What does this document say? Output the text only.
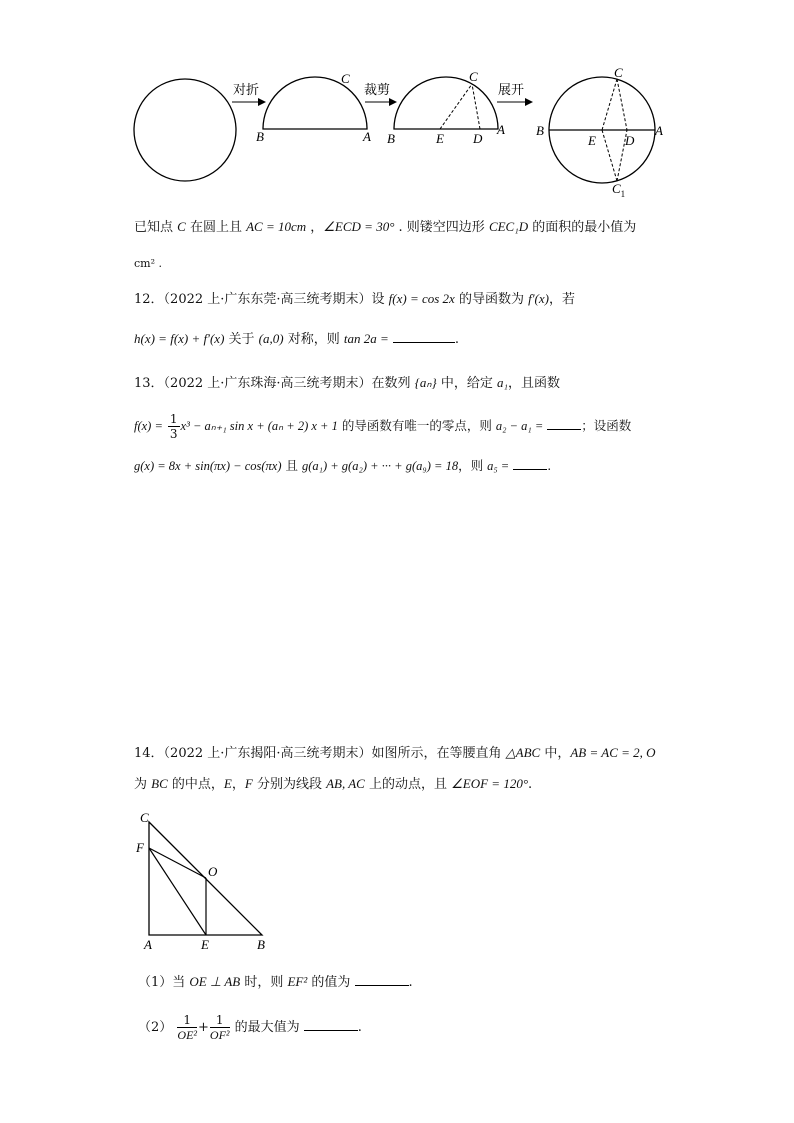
对折
B	A
C
裁剪
B
A
C
E D
展开
B	A
C
E D
$C_1$
已知点 C 在圆上且 AC = 10cm ，∠ECD = 30° . 则镂空四边形 CEC₁D 的面积的最小值为
cm² .
12．（2022 上·广东东莞·高三统考期末）设 f(x) = cos 2x 的导函数为 f′(x)，若
h(x) = f(x) + f′(x) 关于 (a,0) 对称，则 tan 2a =	.
13．（2022 上·广东珠海·高三统考期末）在数列 {aₙ} 中，给定 a₁，且函数
$f(x) = \frac{1}{3} x^3 - a_{n+1}$ sin x + (aₙ + 2) x + 1 的导函数有唯一的零点，则 a₂ − a₁ =	；设函数
g(x) = 8x + sin(πx) − cos(πx) 且 g(a₁) + g(a₂) + ··· + g(a₉) = 18，则 a₅ =	.
14．（2022 上·广东揭阳·高三统考期末）如图所示，在等腰直角 △ABC 中，AB = AC = 2, O
为 BC 的中点，E，F 分别为线段 AB, AC 上的动点，且 ∠EOF = 120°.
C
F
O
A	E	B
（1）当 OE ⊥ AB 时，则 EF² 的值为	.
$(2) \frac{1}{\text{OE²}} + \frac{1}{\text{OF²}}$ 的最大值为	.
